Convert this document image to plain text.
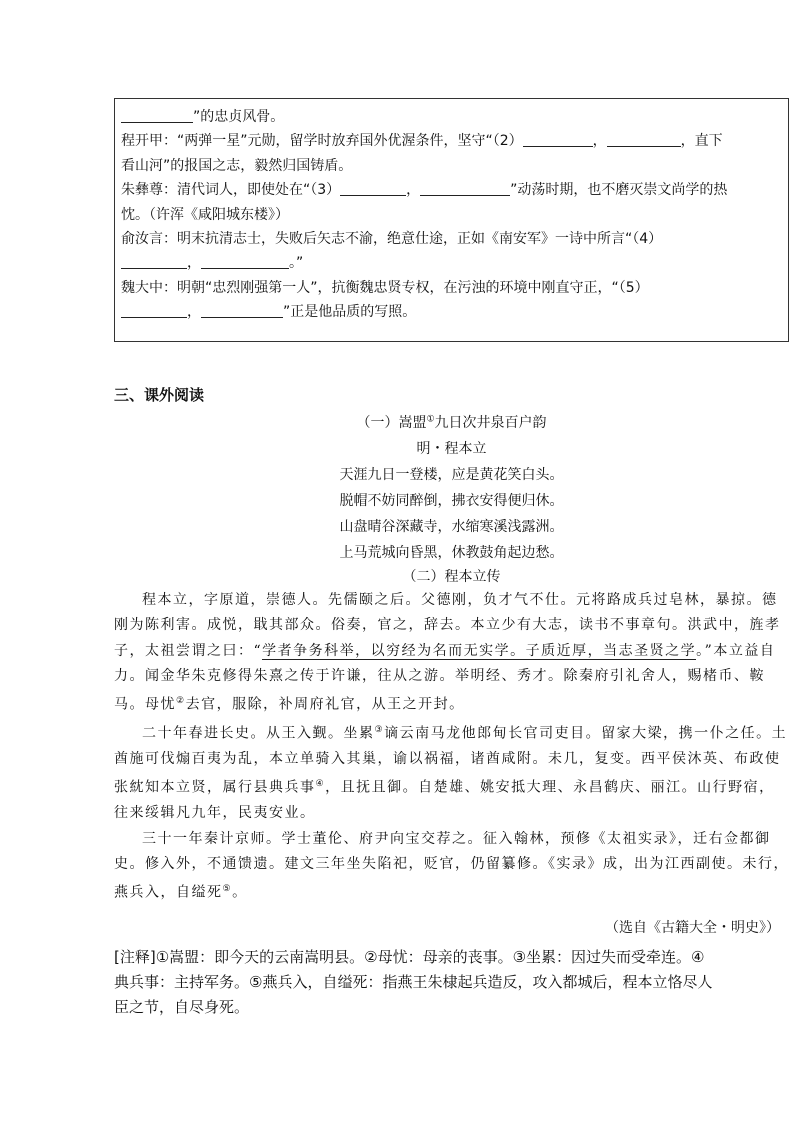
”的忠贞风骨。
程开甲：“两弹一星”元勋，留学时放弃国外优渥条件，坚守“（2）	，	，直下
看山河”的报国之志，毅然归国铸盾。
朱彝尊：清代词人，即使处在“（3）	，	”动荡时期，也不磨灭崇文尚学的热
忱。（许浑《咸阳城东楼》）
俞汝言：明末抗清志士，失败后矢志不渝，绝意仕途，正如《南安军》一诗中所言“（4）
，	。”
魏大中：明朝“忠烈刚强第一人”，抗衡魏忠贤专权，在污浊的环境中刚直守正，“（5）
，	”正是他品质的写照。
三、课外阅读
（一）嵩盟①九日次井泉百户韵
明・程本立
天涯九日一登楼，应是黄花笑白头。
脱帽不妨同醉倒，拂衣安得便归休。
山盘晴谷深藏寺，水缩寒溪浅露洲。
上马荒城向昏黑，休教鼓角起边愁。
（二）程本立传

程本立，字原道，崇德人。先儒颐之后。父德刚，负才气不仕。元将路成兵过皂林，暴掠。德刚为陈利害。成悦，戢其部众。俗奏，官之，辞去。本立少有大志，读书不事章句。洪武中，旌孝子，太祖尝谓之曰：“学者争务科举，以穷经为名而无实学。子质近厚，当志圣贤之学。”本立益自力。闻金华朱克修得朱熹之传于许谦，往从之游。举明经、秀才。除秦府引礼舍人，赐楮币、鞍马。母忧②去官，服除，补周府礼官，从王之开封。

二十年春进长史。从王入觐。坐累③谪云南马龙他郎甸长官司吏目。留家大梁，携一仆之任。土酋施可伐煽百夷为乱，本立单骑入其巢，谕以祸福，诸酋咸附。未几，复变。西平侯沐英、布政使张紞知本立贤，属行县典兵事④，且抚且御。自楚雄、姚安抵大理、永昌鹤庆、丽江。山行野宿，往来绥辑凡九年，民夷安业。

三十一年秦计京师。学士董伦、府尹向宝交荐之。征入翰林，预修《太祖实录》，迁右佥都御史。修入外，不通馈遗。建文三年坐失陷祀，贬官，仍留纂修。《实录》成，出为江西副使。未行，燕兵入，自缢死⑤。

（选自《古籍大全・明史》）
[注释]①嵩盟：即今天的云南嵩明县。②母忧：母亲的丧事。③坐累：因过失而受牵连。④典兵事：主持军务。⑤燕兵入，自缢死：指燕王朱棣起兵造反，攻入都城后，程本立恪尽人臣之节，自尽身死。
